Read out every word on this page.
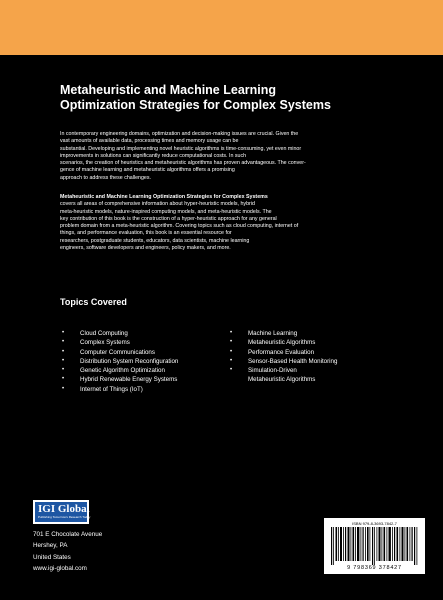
Metaheuristic and Machine Learning
Optimization Strategies for Complex Systems

In contemporary engineering domains, optimization and decision-making issues are crucial. Given the
vast amounts of available data, processing times and memory usage can be
substantial. Developing and implementing novel heuristic algorithms is time-consuming, yet even minor
improvements in solutions can significantly reduce computational costs. In such
scenarios, the creation of heuristics and metaheuristic algorithms has proven advantageous. The conver-
gence of machine learning and metaheuristic algorithms offers a promising
approach to address these challenges.

Metaheuristic and Machine Learning Optimization Strategies for Complex Systems
covers all areas of comprehensive information about hyper-heuristic models, hybrid
meta-heuristic models, nature-inspired computing models, and meta-heuristic models. The
key contribution of this book is the construction of a hyper-heuristic approach for any general
problem domain from a meta-heuristic algorithm. Covering topics such as cloud computing, internet of
things, and performance evaluation, this book is an essential resource for
researchers, postgraduate students, educators, data scientists, machine learning
engineers, software developers and engineers, policy makers, and more.

Topics Covered
•	Cloud Computing
•	Complex Systems
•	Computer Communications
•	Distribution System Reconfiguration
•	Genetic Algorithm Optimization
•	Hybrid Renewable Energy Systems
•	Internet of Things (IoT)
•	Machine Learning
•	Metaheuristic Algorithms
•	Performance Evaluation
•	Sensor-Based Health Monitoring
•	Simulation-Driven
Metaheuristic Algorithms
IGI Global
Publishing Tomorrow's Research Today

701 E Chocolate Avenue
Hershey, PA
United States
www.igi-global.com

ISBN 979-8-3693-7842-7
9 798369 378427
